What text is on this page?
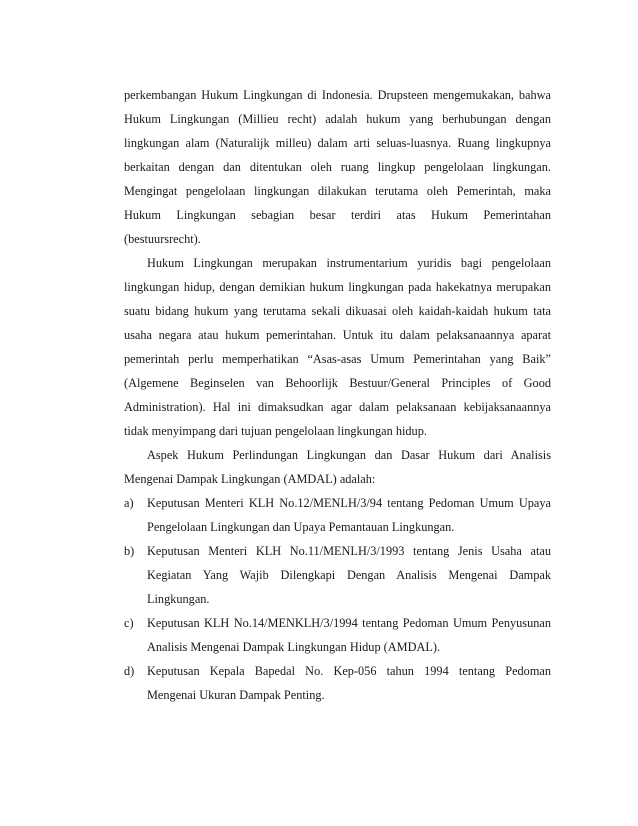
perkembangan Hukum Lingkungan di Indonesia. Drupsteen mengemukakan, bahwa
Hukum Lingkungan (Millieu recht) adalah hukum yang berhubungan dengan
lingkungan alam (Naturalijk milleu) dalam arti seluas-luasnya. Ruang lingkupnya
berkaitan dengan dan ditentukan oleh ruang lingkup pengelolaan lingkungan.
Mengingat pengelolaan lingkungan dilakukan terutama oleh Pemerintah, maka
Hukum Lingkungan sebagian besar terdiri atas Hukum Pemerintahan
(bestuursrecht).
Hukum Lingkungan merupakan instrumentarium yuridis bagi pengelolaan
lingkungan hidup, dengan demikian hukum lingkungan pada hakekatnya merupakan
suatu bidang hukum yang terutama sekali dikuasai oleh kaidah-kaidah hukum tata
usaha negara atau hukum pemerintahan. Untuk itu dalam pelaksanaannya aparat
pemerintah perlu memperhatikan “Asas-asas Umum Pemerintahan yang Baik”
(Algemene Beginselen van Behoorlijk Bestuur/General Principles of Good
Administration). Hal ini dimaksudkan agar dalam pelaksanaan kebijaksanaannya
tidak menyimpang dari tujuan pengelolaan lingkungan hidup.
Aspek Hukum Perlindungan Lingkungan dan Dasar Hukum dari Analisis
Mengenai Dampak Lingkungan (AMDAL) adalah:
a) Keputusan Menteri KLH No.12/MENLH/3/94 tentang Pedoman Umum Upaya
Pengelolaan Lingkungan dan Upaya Pemantauan Lingkungan.
b) Keputusan Menteri KLH No.11/MENLH/3/1993 tentang Jenis Usaha atau
Kegiatan Yang Wajib Dilengkapi Dengan Analisis Mengenai Dampak
Lingkungan.
c) Keputusan KLH No.14/MENKLH/3/1994 tentang Pedoman Umum Penyusunan
Analisis Mengenai Dampak Lingkungan Hidup (AMDAL).
d) Keputusan Kepala Bapedal No. Kep-056 tahun 1994 tentang Pedoman
Mengenai Ukuran Dampak Penting.
